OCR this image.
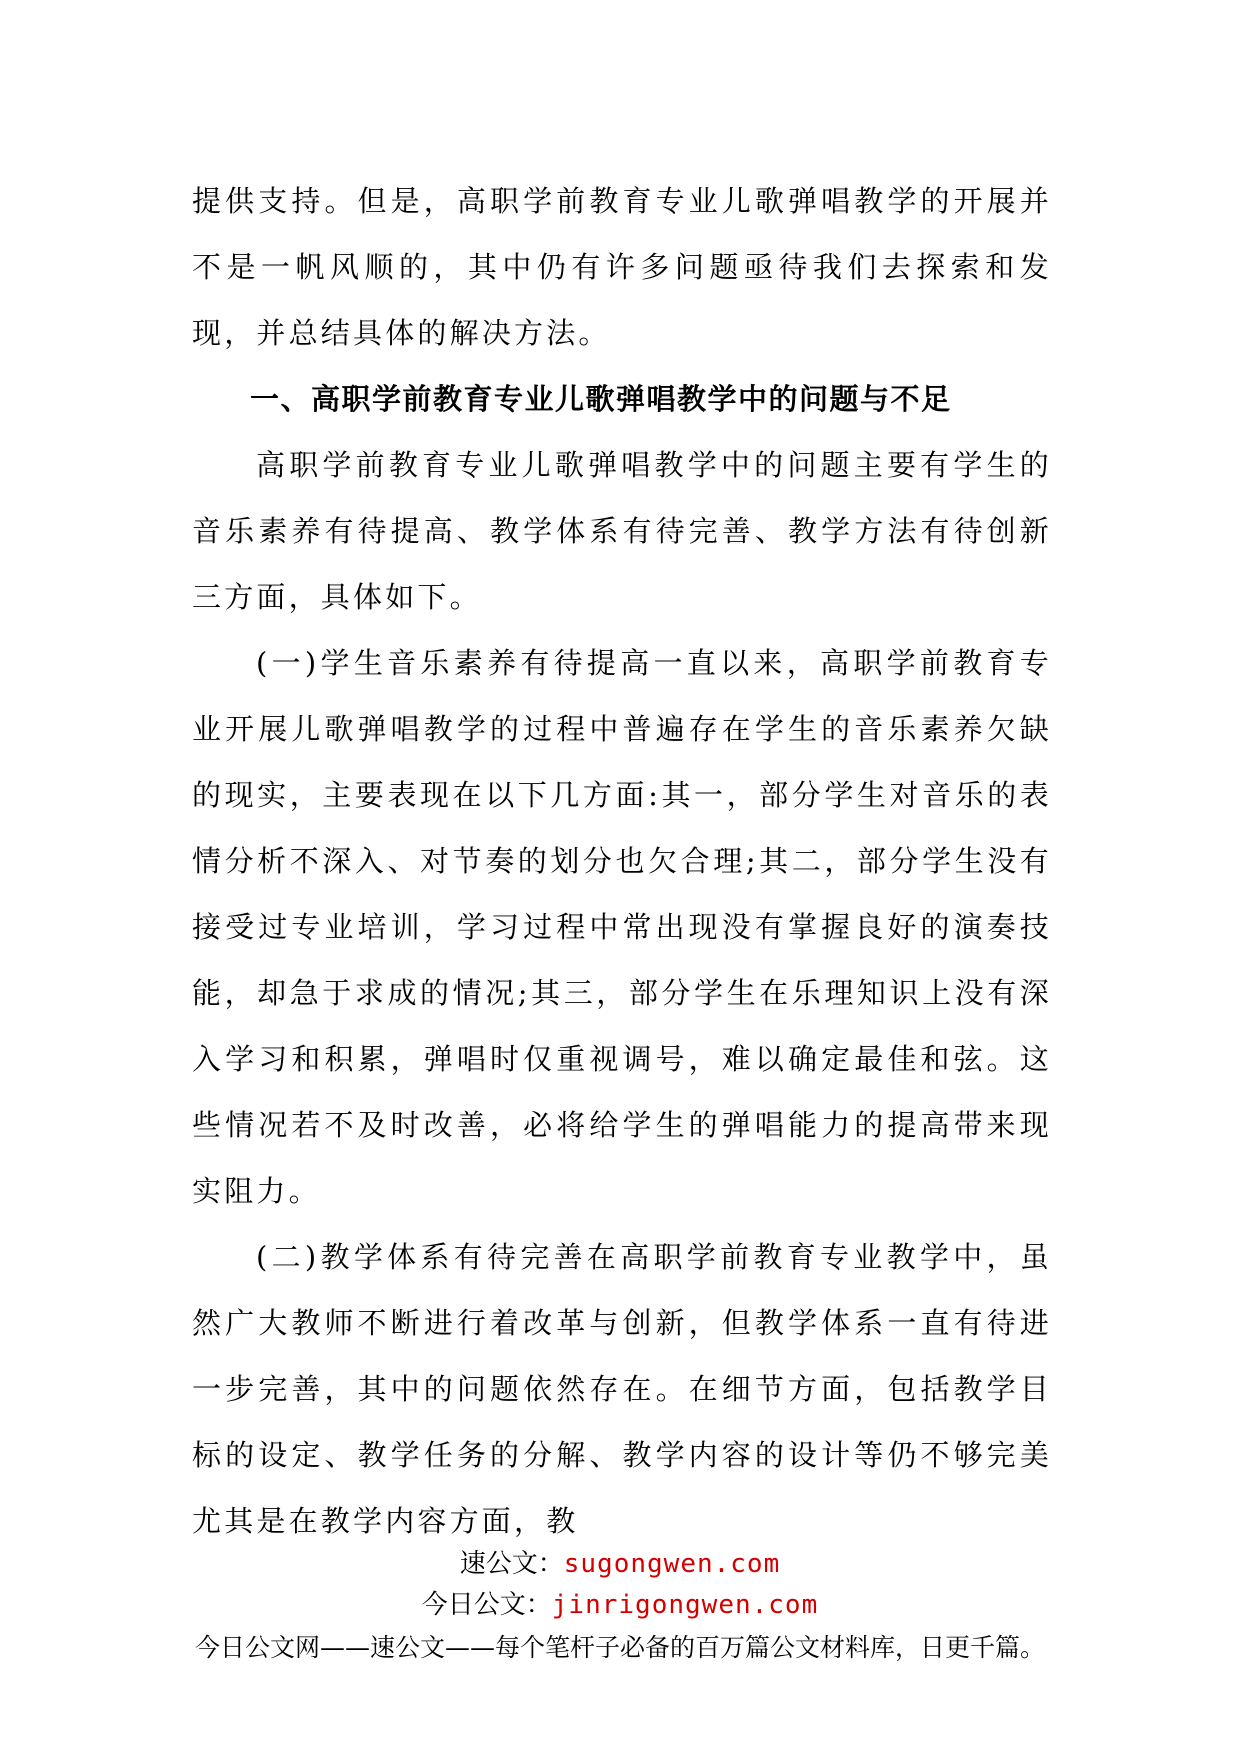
提供支持。但是，高职学前教育专业儿歌弹唱教学的开展并不是一帆风顺的，其中仍有许多问题亟待我们去探索和发现，并总结具体的解决方法。

一、高职学前教育专业儿歌弹唱教学中的问题与不足

高职学前教育专业儿歌弹唱教学中的问题主要有学生的音乐素养有待提高、教学体系有待完善、教学方法有待创新三方面，具体如下。

(一)学生音乐素养有待提高一直以来，高职学前教育专业开展儿歌弹唱教学的过程中普遍存在学生的音乐素养欠缺的现实，主要表现在以下几方面:其一，部分学生对音乐的表情分析不深入、对节奏的划分也欠合理;其二，部分学生没有接受过专业培训，学习过程中常出现没有掌握良好的演奏技能，却急于求成的情况;其三，部分学生在乐理知识上没有深入学习和积累，弹唱时仅重视调号，难以确定最佳和弦。这些情况若不及时改善，必将给学生的弹唱能力的提高带来现实阻力。

(二)教学体系有待完善在高职学前教育专业教学中，虽然广大教师不断进行着改革与创新，但教学体系一直有待进一步完善，其中的问题依然存在。在细节方面，包括教学目标的设定、教学任务的分解、教学内容的设计等仍不够完美尤其是在教学内容方面，教

速公文：sugongwen.com
今日公文：jinrigongwen.com
今日公文网——速公文——每个笔杆子必备的百万篇公文材料库，日更千篇。
